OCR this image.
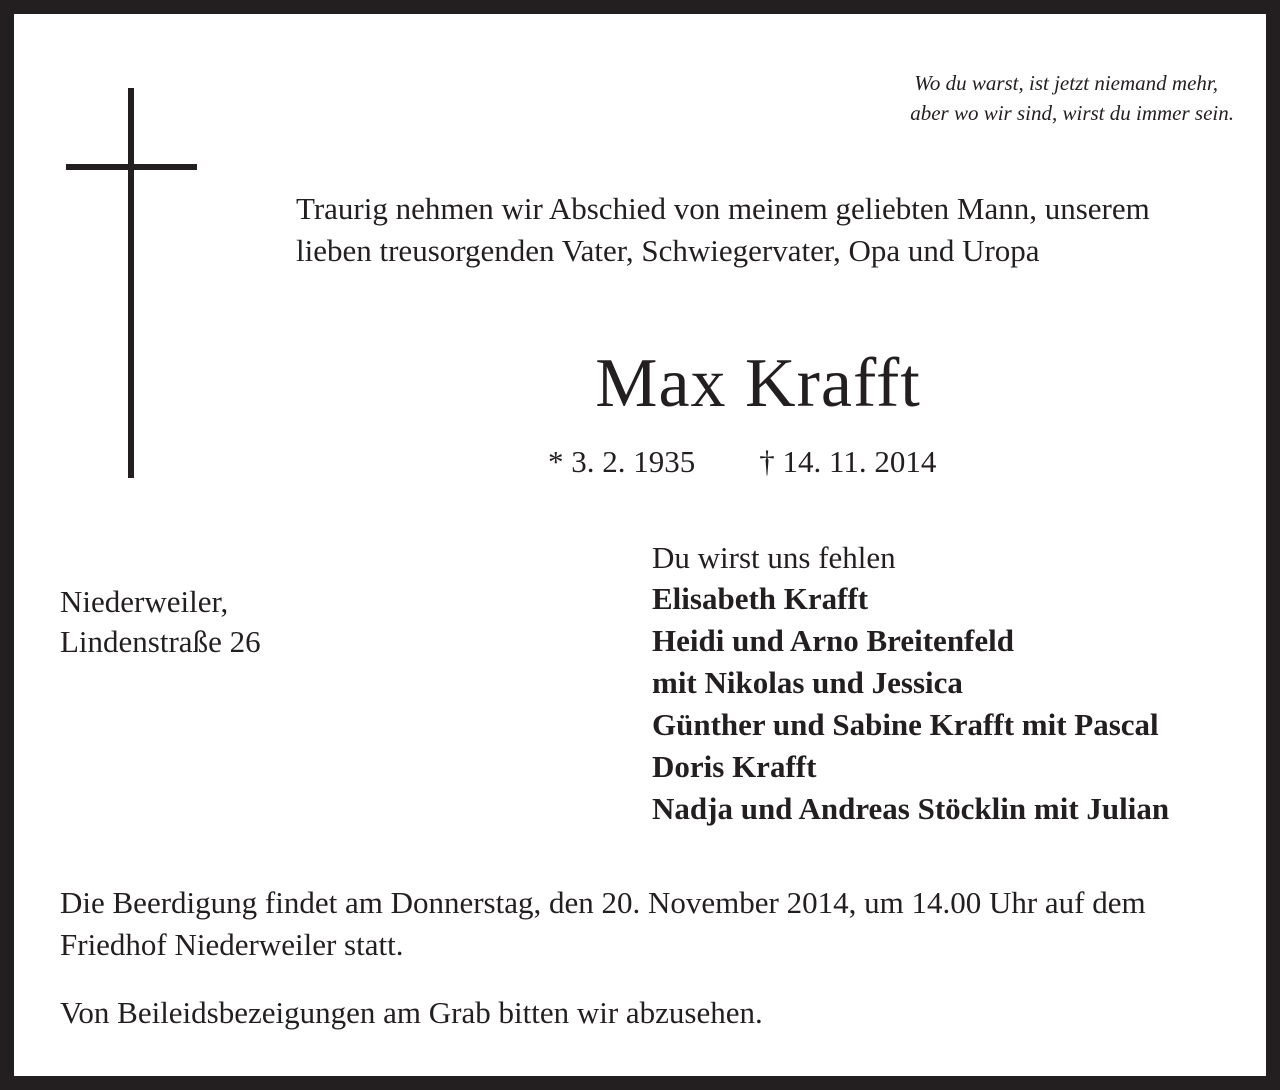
Wo du warst, ist jetzt niemand mehr,
aber wo wir sind, wirst du immer sein.
Traurig nehmen wir Abschied von meinem geliebten Mann, unserem
lieben treusorgenden Vater, Schwiegervater, Opa und Uropa
Max Krafft
* 3. 2. 1935 † 14. 11. 2014
Niederweiler,
Lindenstraße 26
Du wirst uns fehlen
Elisabeth Krafft
Heidi und Arno Breitenfeld
mit Nikolas und Jessica
Günther und Sabine Krafft mit Pascal
Doris Krafft
Nadja und Andreas Stöcklin mit Julian
Die Beerdigung findet am Donnerstag, den 20. November 2014, um 14.00 Uhr auf dem
Friedhof Niederweiler statt.
Von Beileidsbezeigungen am Grab bitten wir abzusehen.
